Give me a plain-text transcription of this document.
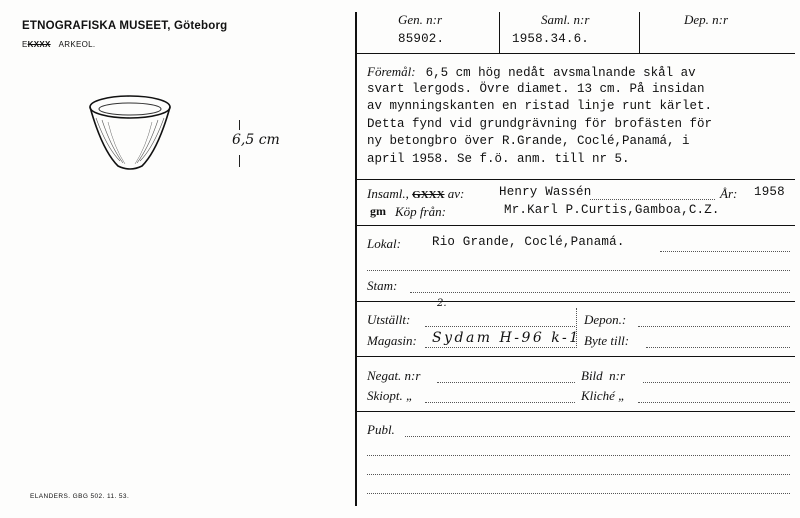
ETNOGRAFISKA MUSEET, Göteborg
EKXXX ARKEOL.
6,5 cm
ELANDERS. GBG 502. 11. 53.
Gen. n:r
85902.
Saml. n:r
1958.34.6.
Dep. n:r
Föremål: 6,5 cm hög nedåt avsmalnande skål av
svart lergods. Övre diamet. 13 cm. På insidan
av mynningskanten en ristad linje runt kärlet.
Detta fynd vid grundgrävning för brofästen för
ny betongbro över R.Grande, Coclé,Panamá, i
april 1958. Se f.ö. anm. till nr 5.
Insaml., GXXX av:	Henry Wassén	År: 1958
gm Köp från:	Mr.Karl P.Curtis,Gamboa,C.Z.
Lokal: Rio Grande, Coclé,Panamá.
Stam:
Utställt:
2.
Depon.:
Magasin: Sydam H-96 k-1 Byte till:
Negat. n:r	Bild  n:r
Skiopt. „	Kliché „
Publ.
